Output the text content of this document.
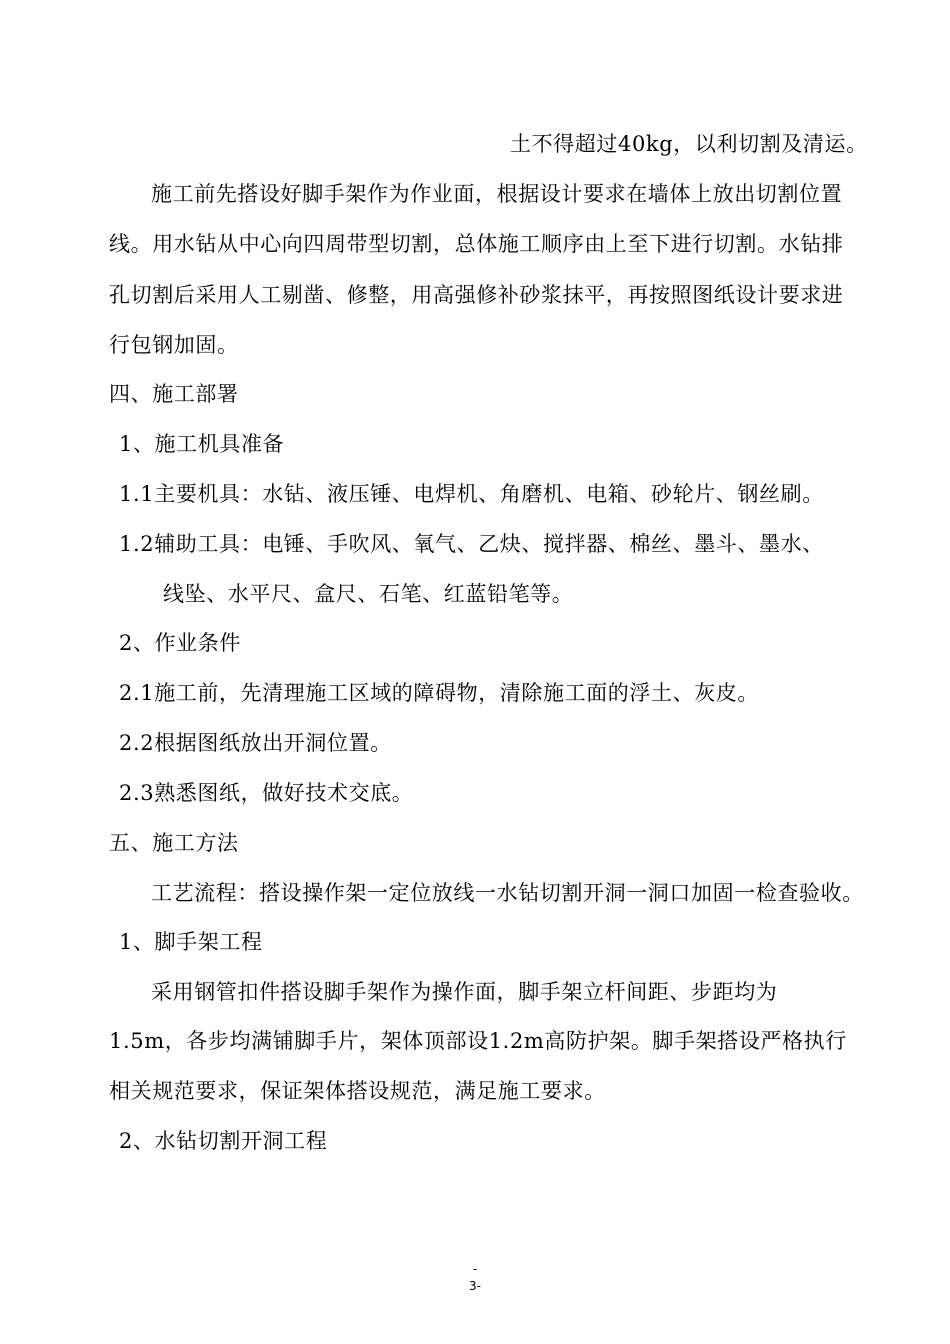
土不得超过40kg，以利切割及清运。
施工前先搭设好脚手架作为作业面，根据设计要求在墙体上放出切割位置
线。用水钻从中心向四周带型切割，总体施工顺序由上至下进行切割。水钻排
孔切割后采用人工剔凿、修整，用高强修补砂浆抹平，再按照图纸设计要求进
行包钢加固。
四、施工部署
1、施工机具准备
1.1主要机具：水钻、液压锤、电焊机、角磨机、电箱、砂轮片、钢丝刷。
1.2辅助工具：电锤、手吹风、氧气、乙炔、搅拌器、棉丝、墨斗、墨水、
线坠、水平尺、盒尺、石笔、红蓝铅笔等。
2、作业条件
2.1施工前，先清理施工区域的障碍物，清除施工面的浮土、灰皮。
2.2根据图纸放出开洞位置。
2.3熟悉图纸，做好技术交底。
五、施工方法
工艺流程：搭设操作架一定位放线一水钻切割开洞一洞口加固一检查验收。
1、脚手架工程
采用钢管扣件搭设脚手架作为操作面，脚手架立杆间距、步距均为
1.5m，各步均满铺脚手片，架体顶部设1.2m高防护架。脚手架搭设严格执行
相关规范要求，保证架体搭设规范，满足施工要求。
2、水钻切割开洞工程
-
3-
